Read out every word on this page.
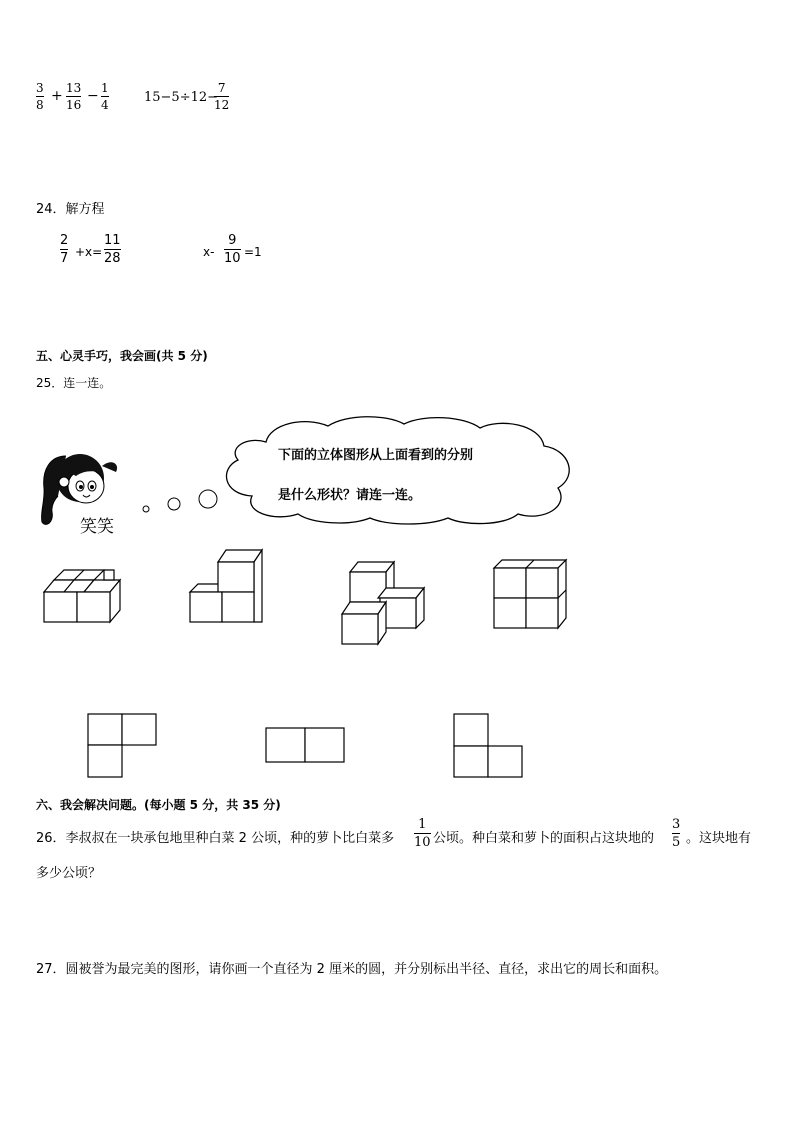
3
8
+ 13
16
− 1
4	15−5÷12−
7
12
24．解方程
2
7 +x=
11
28	x-
9
10 =1
五、心灵手巧，我会画(共 5 分)
25．连一连。
笑笑
下面的立体图形从上面看到的分别
是什么形状？请连一连。
六、我会解决问题。(每小题 5 分，共 35 分)
26．李叔叔在一块承包地里种白菜 2 公顷，种的萝卜比白菜多
1
10 公顷。种白菜和萝卜的面积占这块地的
3
5 。这块地有
多少公顷？
27．圆被誉为最完美的图形，请你画一个直径为 2 厘米的圆，并分别标出半径、直径，求出它的周长和面积。
